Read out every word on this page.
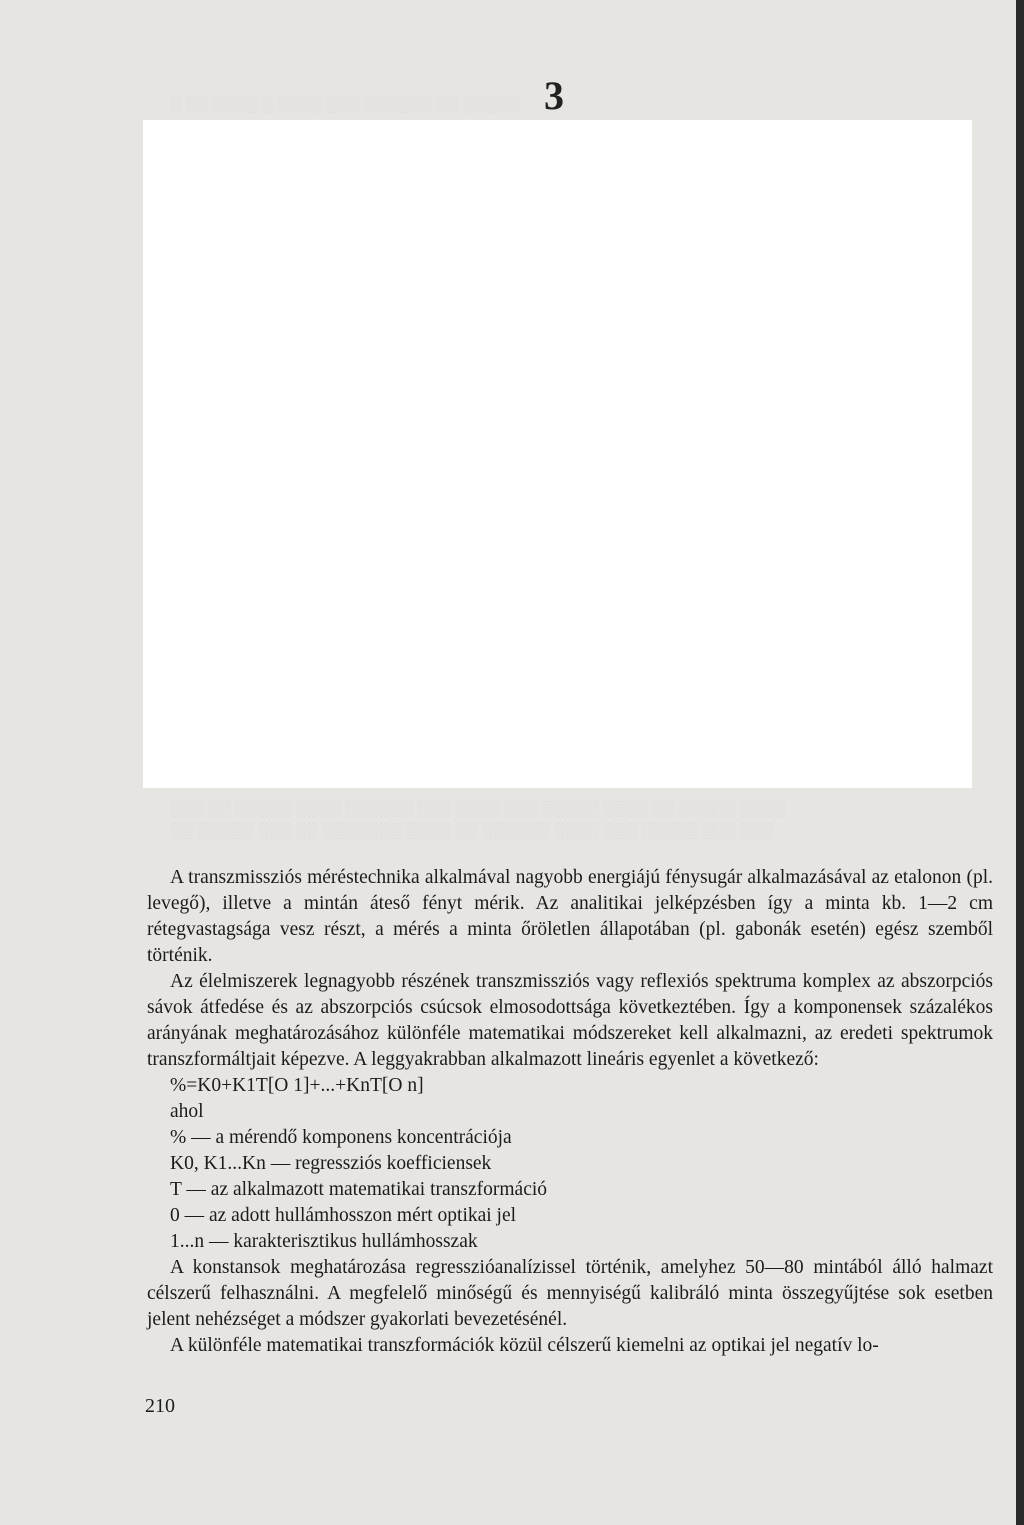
░ ░░ ░░░░ ░ ░░░░ ░░░ ░░░░░░ ░░ ░░░░░
░░░ ░░ ░░░░░ ░░░░ ░░░░░░ ░░░ ░░░░ ░░░ ░░░░░ ░░░░ ░░ ░░░░░ ░░░░
░░ ░░░░░ ░░░ ░░ ░░░░░░░ ░░░░ ░░ ░░░░░░ ░░░░ ░░░ ░░░░░ ░░░ ░░░
3

A transzmissziós méréstechnika alkalmával nagyobb energiájú fénysugár alkalmazásával az etalonon (pl. levegő), illetve a mintán áteső fényt mérik. Az analitikai jelképzésben így a minta kb. 1—2 cm rétegvastagsága vesz részt, a mérés a minta őröletlen állapotában (pl. gabonák esetén) egész szemből történik.

Az élelmiszerek legnagyobb részének transzmissziós vagy reflexiós spektruma komplex az abszorpciós sávok átfedése és az abszorpciós csúcsok elmosodottsága következtében. Így a komponensek százalékos arányának meghatározásához különféle matematikai módszereket kell alkalmazni, az eredeti spektrumok transzformáltjait képezve. A leggyakrabban alkalmazott lineáris egyenlet a következő:

%=K0+K1T[O 1]+...+KnT[O n]
ahol
% — a mérendő komponens koncentrációja
K0, K1...Kn — regressziós koefficiensek
T — az alkalmazott matematikai transzformáció
0 — az adott hullámhosszon mért optikai jel
1...n — karakterisztikus hullámhosszak

A konstansok meghatározása regresszióanalízissel történik, amelyhez 50—80 mintából álló halmazt célszerű felhasználni. A megfelelő minőségű és mennyiségű kalibráló minta összegyűjtése sok esetben jelent nehézséget a módszer gyakorlati bevezetésénél.

A különféle matematikai transzformációk közül célszerű kiemelni az optikai jel negatív lo-

210
